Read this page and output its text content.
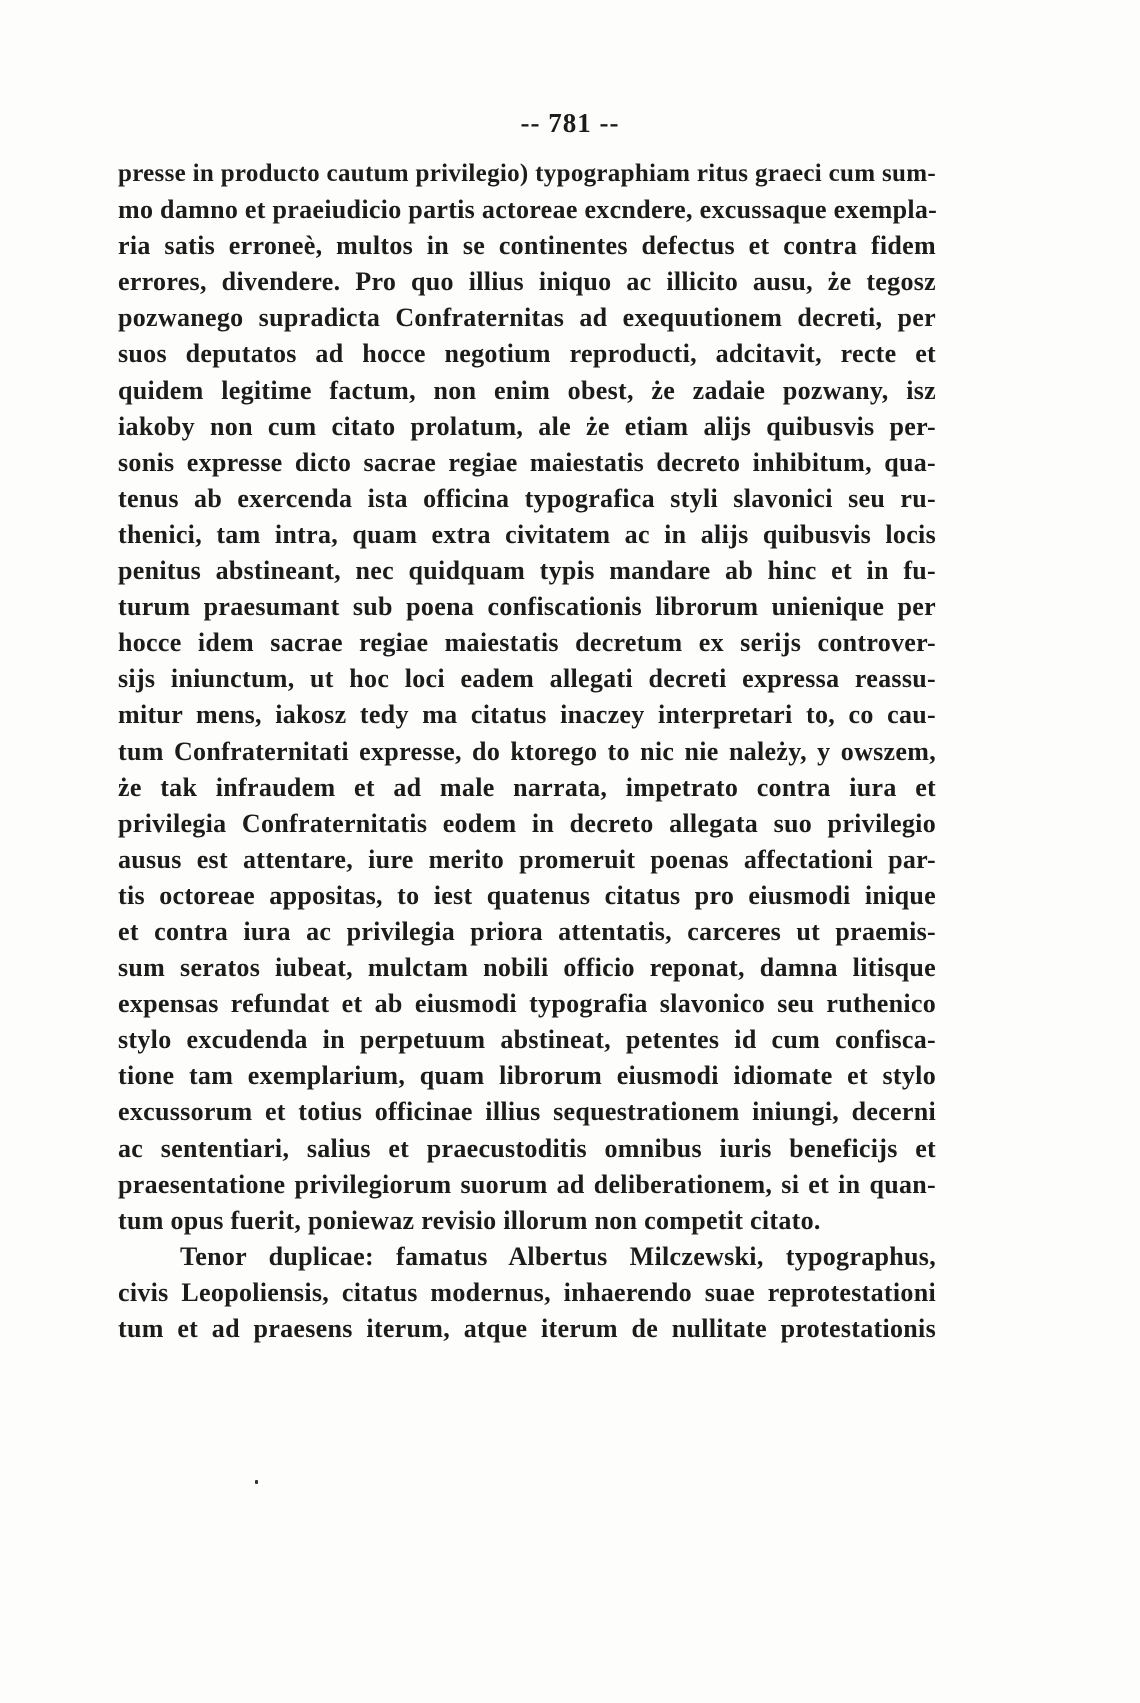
-- 781 --
presse in producto cautum privilegio) typographiam ritus graeci cum sum-
mo damno et praeiudicio partis actoreae excndere, excussaque exempla-
ria satis erroneè, multos in se continentes defectus et contra fidem
errores, divendere. Pro quo illius iniquo ac illicito ausu, że tegosz
pozwanego supradicta Confraternitas ad exequutionem decreti, per
suos deputatos ad hocce negotium reproducti, adcitavit, recte et
quidem legitime factum, non enim obest, że zadaie pozwany, isz
iakoby non cum citato prolatum, ale że etiam alijs quibusvis per-
sonis expresse dicto sacrae regiae maiestatis decreto inhibitum, qua-
tenus ab exercenda ista officina typografica styli slavonici seu ru-
thenici, tam intra, quam extra civitatem ac in alijs quibusvis locis
penitus abstineant, nec quidquam typis mandare ab hinc et in fu-
turum praesumant sub poena confiscationis librorum unienique per
hocce idem sacrae regiae maiestatis decretum ex serijs controver-
sijs iniunctum, ut hoc loci eadem allegati decreti expressa reassu-
mitur mens, iakosz tedy ma citatus inaczey interpretari to, co cau-
tum Confraternitati expresse, do ktorego to nic nie należy, y owszem,
że tak infraudem et ad male narrata, impetrato contra iura et
privilegia Confraternitatis eodem in decreto allegata suo privilegio
ausus est attentare, iure merito promeruit poenas affectationi par-
tis octoreae appositas, to iest quatenus citatus pro eiusmodi inique
et contra iura ac privilegia priora attentatis, carceres ut praemis-
sum seratos iubeat, mulctam nobili officio reponat, damna litisque
expensas refundat et ab eiusmodi typografia slavonico seu ruthenico
stylo excudenda in perpetuum abstineat, petentes id cum confisca-
tione tam exemplarium, quam librorum eiusmodi idiomate et stylo
excussorum et totius officinae illius sequestrationem iniungi, decerni
ac sententiari, salius et praecustoditis omnibus iuris beneficijs et
praesentatione privilegiorum suorum ad deliberationem, si et in quan-
tum opus fuerit, poniewaz revisio illorum non competit citato.
Tenor duplicae: famatus Albertus Milczewski, typographus,
civis Leopoliensis, citatus modernus, inhaerendo suae reprotestationi
tum et ad praesens iterum, atque iterum de nullitate protestationis
